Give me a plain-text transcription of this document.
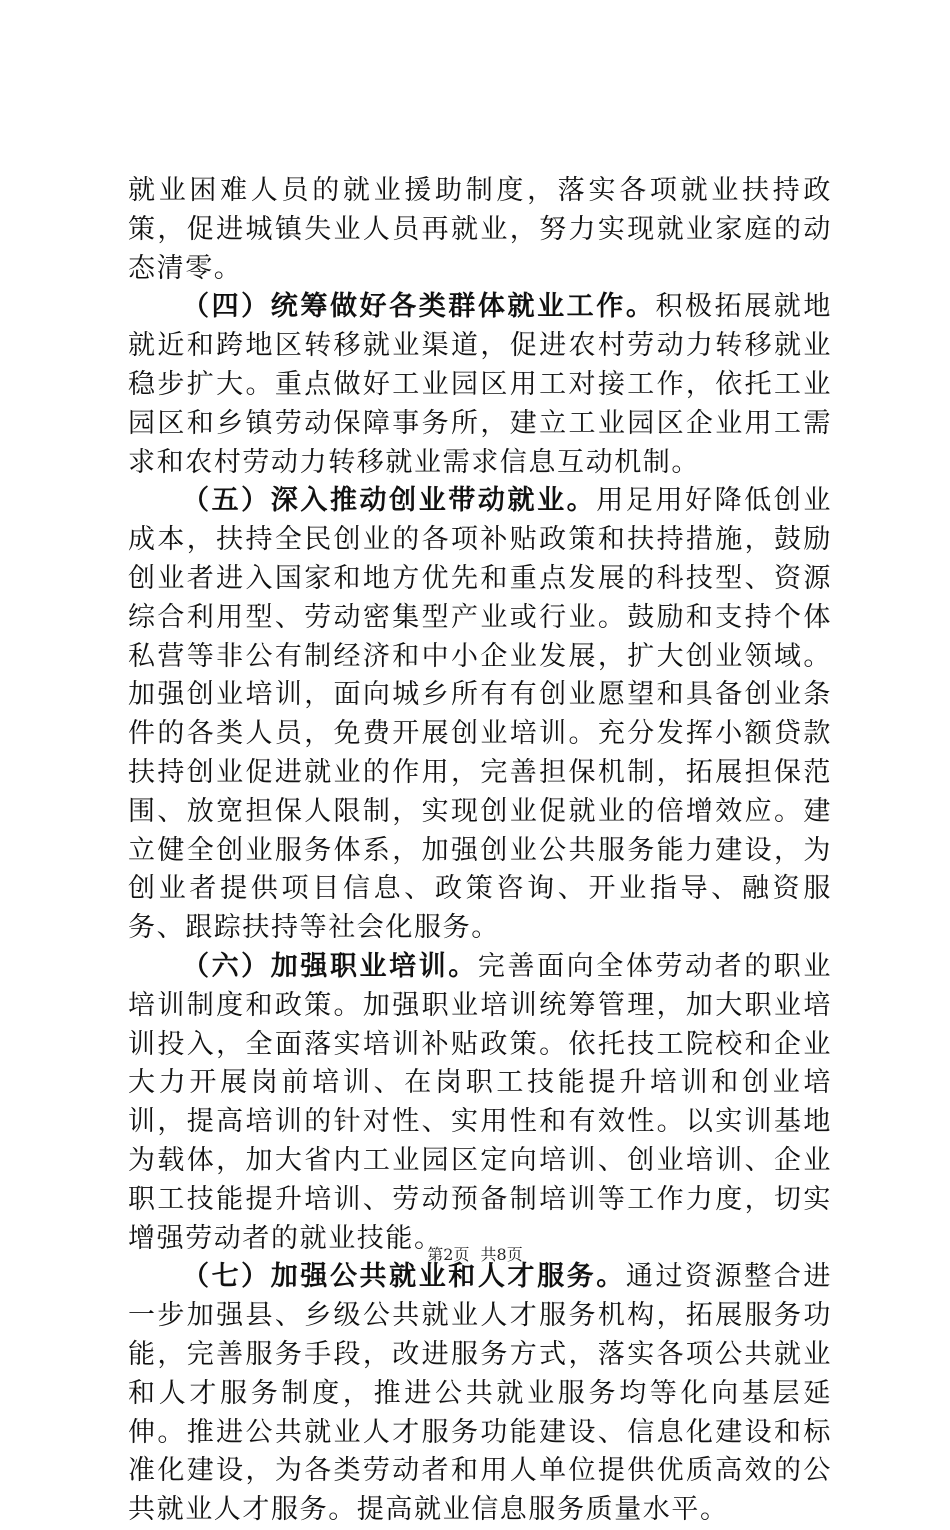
就业困难人员的就业援助制度，落实各项就业扶持政策，促进城镇失业人员再就业，努力实现就业家庭的动态清零。

（四）统筹做好各类群体就业工作。积极拓展就地就近和跨地区转移就业渠道，促进农村劳动力转移就业稳步扩大。重点做好工业园区用工对接工作，依托工业园区和乡镇劳动保障事务所，建立工业园区企业用工需求和农村劳动力转移就业需求信息互动机制。

（五）深入推动创业带动就业。用足用好降低创业成本，扶持全民创业的各项补贴政策和扶持措施，鼓励创业者进入国家和地方优先和重点发展的科技型、资源综合利用型、劳动密集型产业或行业。鼓励和支持个体私营等非公有制经济和中小企业发展，扩大创业领域。加强创业培训，面向城乡所有有创业愿望和具备创业条件的各类人员，免费开展创业培训。充分发挥小额贷款扶持创业促进就业的作用，完善担保机制，拓展担保范围、放宽担保人限制，实现创业促就业的倍增效应。建立健全创业服务体系，加强创业公共服务能力建设，为创业者提供项目信息、政策咨询、开业指导、融资服务、跟踪扶持等社会化服务。

（六）加强职业培训。完善面向全体劳动者的职业培训制度和政策。加强职业培训统筹管理，加大职业培训投入，全面落实培训补贴政策。依托技工院校和企业大力开展岗前培训、在岗职工技能提升培训和创业培训，提高培训的针对性、实用性和有效性。以实训基地为载体，加大省内工业园区定向培训、创业培训、企业职工技能提升培训、劳动预备制培训等工作力度，切实增强劳动者的就业技能。

（七）加强公共就业和人才服务。通过资源整合进一步加强县、乡级公共就业人才服务机构，拓展服务功能，完善服务手段，改进服务方式，落实各项公共就业和人才服务制度，推进公共就业服务均等化向基层延伸。推进公共就业人才服务功能建设、信息化建设和标准化建设，为各类劳动者和用人单位提供优质高效的公共就业人才服务。提高就业信息服务质量水平。

第2页 共8页
